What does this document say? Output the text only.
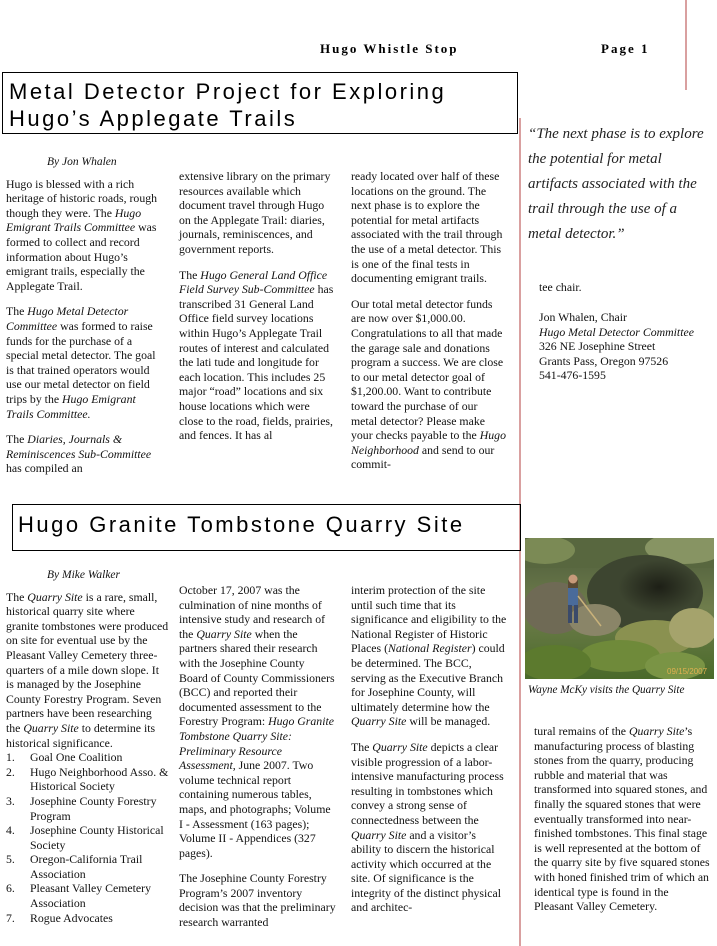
Hugo Whistle Stop	Page 1
Metal Detector Project for Exploring
Hugo’s Applegate Trails
By Jon Whalen

Hugo is blessed with a rich heritage of historic roads, rough though they were. The Hugo Emigrant Trails Committee was formed to collect and record information about Hugo’s emigrant trails, especially the Applegate Trail.

The Hugo Metal Detector Committee was formed to raise funds for the purchase of a special metal detector. The goal is that trained operators would use our metal detector on field trips by the Hugo Emigrant Trails Committee.

The Diaries, Journals & Reminiscences Sub-Committee has compiled an

extensive library on the primary resources available which document travel through Hugo on the Applegate Trail: diaries, journals, reminiscences, and government reports.

The Hugo General Land Office Field Survey Sub-Committee has transcribed 31 General Land Office field survey locations within Hugo’s Applegate Trail routes of interest and calculated the lati tude and longitude for each location. This includes 25 major “road” locations and six house locations which were close to the road, fields, prairies, and fences. It has al

ready located over half of these locations on the ground. The next phase is to explore the potential for metal artifacts associated with the trail through the use of a metal detector. This is one of the final tests in documenting emigrant trails.

Our total metal detector funds are now over $1,000.00. Congratulations to all that made the garage sale and donations program a success. We are close to our metal detector goal of $1,200.00. Want to contribute toward the purchase of our metal detector? Please make your checks payable to the Hugo Neighborhood and send to our commit-

“The next phase is to explore the potential for metal artifacts associated with the trail through the use of a metal detector.”
tee chair.
Jon Whalen, Chair
Hugo Metal Detector Committee
326 NE Josephine Street
Grants Pass, Oregon 97526
541-476-1595
Hugo Granite Tombstone Quarry Site
By Mike Walker
The Quarry Site is a rare, small, historical quarry site where granite tombstones were produced on site for eventual use by the Pleasant Valley Cemetery three-quarters of a mile down slope. It is managed by the Josephine County Forestry Program. Seven partners have been researching the Quarry Site to determine its historical significance.
1. Goal One Coalition
2. Hugo Neighborhood Asso. & Historical Society
3. Josephine County Forestry Program
4. Josephine County Historical Society
5. Oregon-California Trail Association
6. Pleasant Valley Cemetery Association
7. Rogue Advocates

October 17, 2007 was the culmination of nine months of intensive study and research of the Quarry Site when the partners shared their research with the Josephine County Board of County Commissioners (BCC) and reported their documented assessment to the Forestry Program: Hugo Granite Tombstone Quarry Site: Preliminary Resource Assessment, June 2007. Two volume technical report containing numerous tables, maps, and photographs; Volume I - Assessment (163 pages); Volume II - Appendices (327 pages).

The Josephine County Forestry Program’s 2007 inventory decision was that the preliminary research warranted

interim protection of the site until such time that its significance and eligibility to the National Register of Historic Places (National Register) could be determined. The BCC, serving as the Executive Branch for Josephine County, will ultimately determine how the Quarry Site will be managed.

The Quarry Site depicts a clear visible progression of a labor-intensive manufacturing process resulting in tombstones which convey a strong sense of connectedness between the Quarry Site and a visitor’s ability to discern the historical activity which occurred at the site. Of significance is the integrity of the distinct physical and architec-

09/15/2007
Wayne McKy visits the Quarry Site
tural remains of the Quarry Site’s manufacturing process of blasting stones from the quarry, producing rubble and material that was transformed into squared stones, and finally the squared stones that were eventually transformed into near-finished tombstones. This final stage is well represented at the bottom of the quarry site by five squared stones with honed finished trim of which an identical type is found in the Pleasant Valley Cemetery.
